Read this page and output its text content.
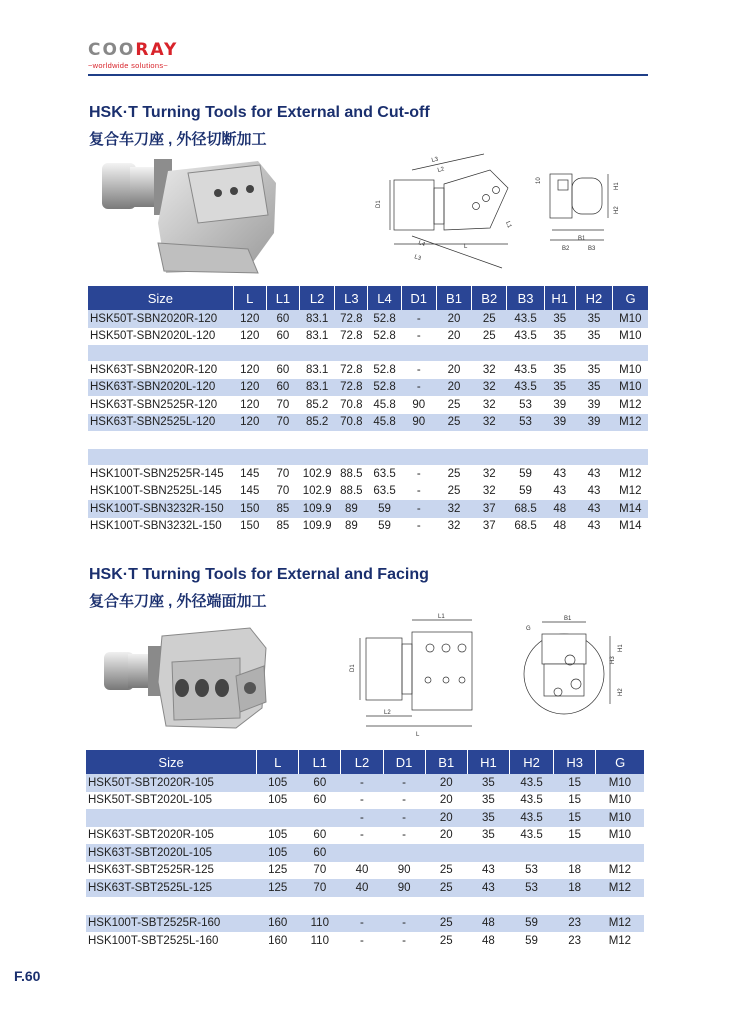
COORAY
~worldwide solutions~
HSK·T Turning Tools for External and Cut-off
复合车刀座 , 外径切断加工
L3
L2
D1
L4
L3
L
L1
H1
H2
B2
B1
B3
10
Size	L	L1	L2	L3	L4	D1	B1	B2	B3	H1	H2	G
HSK50T-SBN2020R-120	120	60	83.1	72.8	52.8	-	20	25	43.5	35	35	M10
HSK50T-SBN2020L-120	120	60	83.1	72.8	52.8	-	20	25	43.5	35	35	M10

HSK63T-SBN2020R-120	120	60	83.1	72.8	52.8	-	20	32	43.5	35	35	M10
HSK63T-SBN2020L-120	120	60	83.1	72.8	52.8	-	20	32	43.5	35	35	M10
HSK63T-SBN2525R-120	120	70	85.2	70.8	45.8	90	25	32	53	39	39	M12
HSK63T-SBN2525L-120	120	70	85.2	70.8	45.8	90	25	32	53	39	39	M12

HSK100T-SBN2525R-145	145	70	102.9	88.5	63.5	-	25	32	59	43	43	M12
HSK100T-SBN2525L-145	145	70	102.9	88.5	63.5	-	25	32	59	43	43	M12
HSK100T-SBN3232R-150	150	85	109.9	89	59	-	32	37	68.5	48	43	M14
HSK100T-SBN3232L-150	150	85	109.9	89	59	-	32	37	68.5	48	43	M14
HSK·T Turning Tools for External and Facing
复合车刀座 , 外径端面加工
L1
D1
L2
L
G
B1
H1
H3
H2
Size	L	L1	L2	D1	B1	H1	H2	H3	G
HSK50T-SBT2020R-105	105	60	-	-	20	35	43.5	15	M10
HSK50T-SBT2020L-105	105	60	-	-	20	35	43.5	15	M10
			-	-	20	35	43.5	15	M10
HSK63T-SBT2020R-105	105	60	-	-	20	35	43.5	15	M10
HSK63T-SBT2020L-105	105	60							
HSK63T-SBT2525R-125	125	70	40	90	25	43	53	18	M12
HSK63T-SBT2525L-125	125	70	40	90	25	43	53	18	M12

HSK100T-SBT2525R-160	160	110	-	-	25	48	59	23	M12
HSK100T-SBT2525L-160	160	110	-	-	25	48	59	23	M12
F.60
